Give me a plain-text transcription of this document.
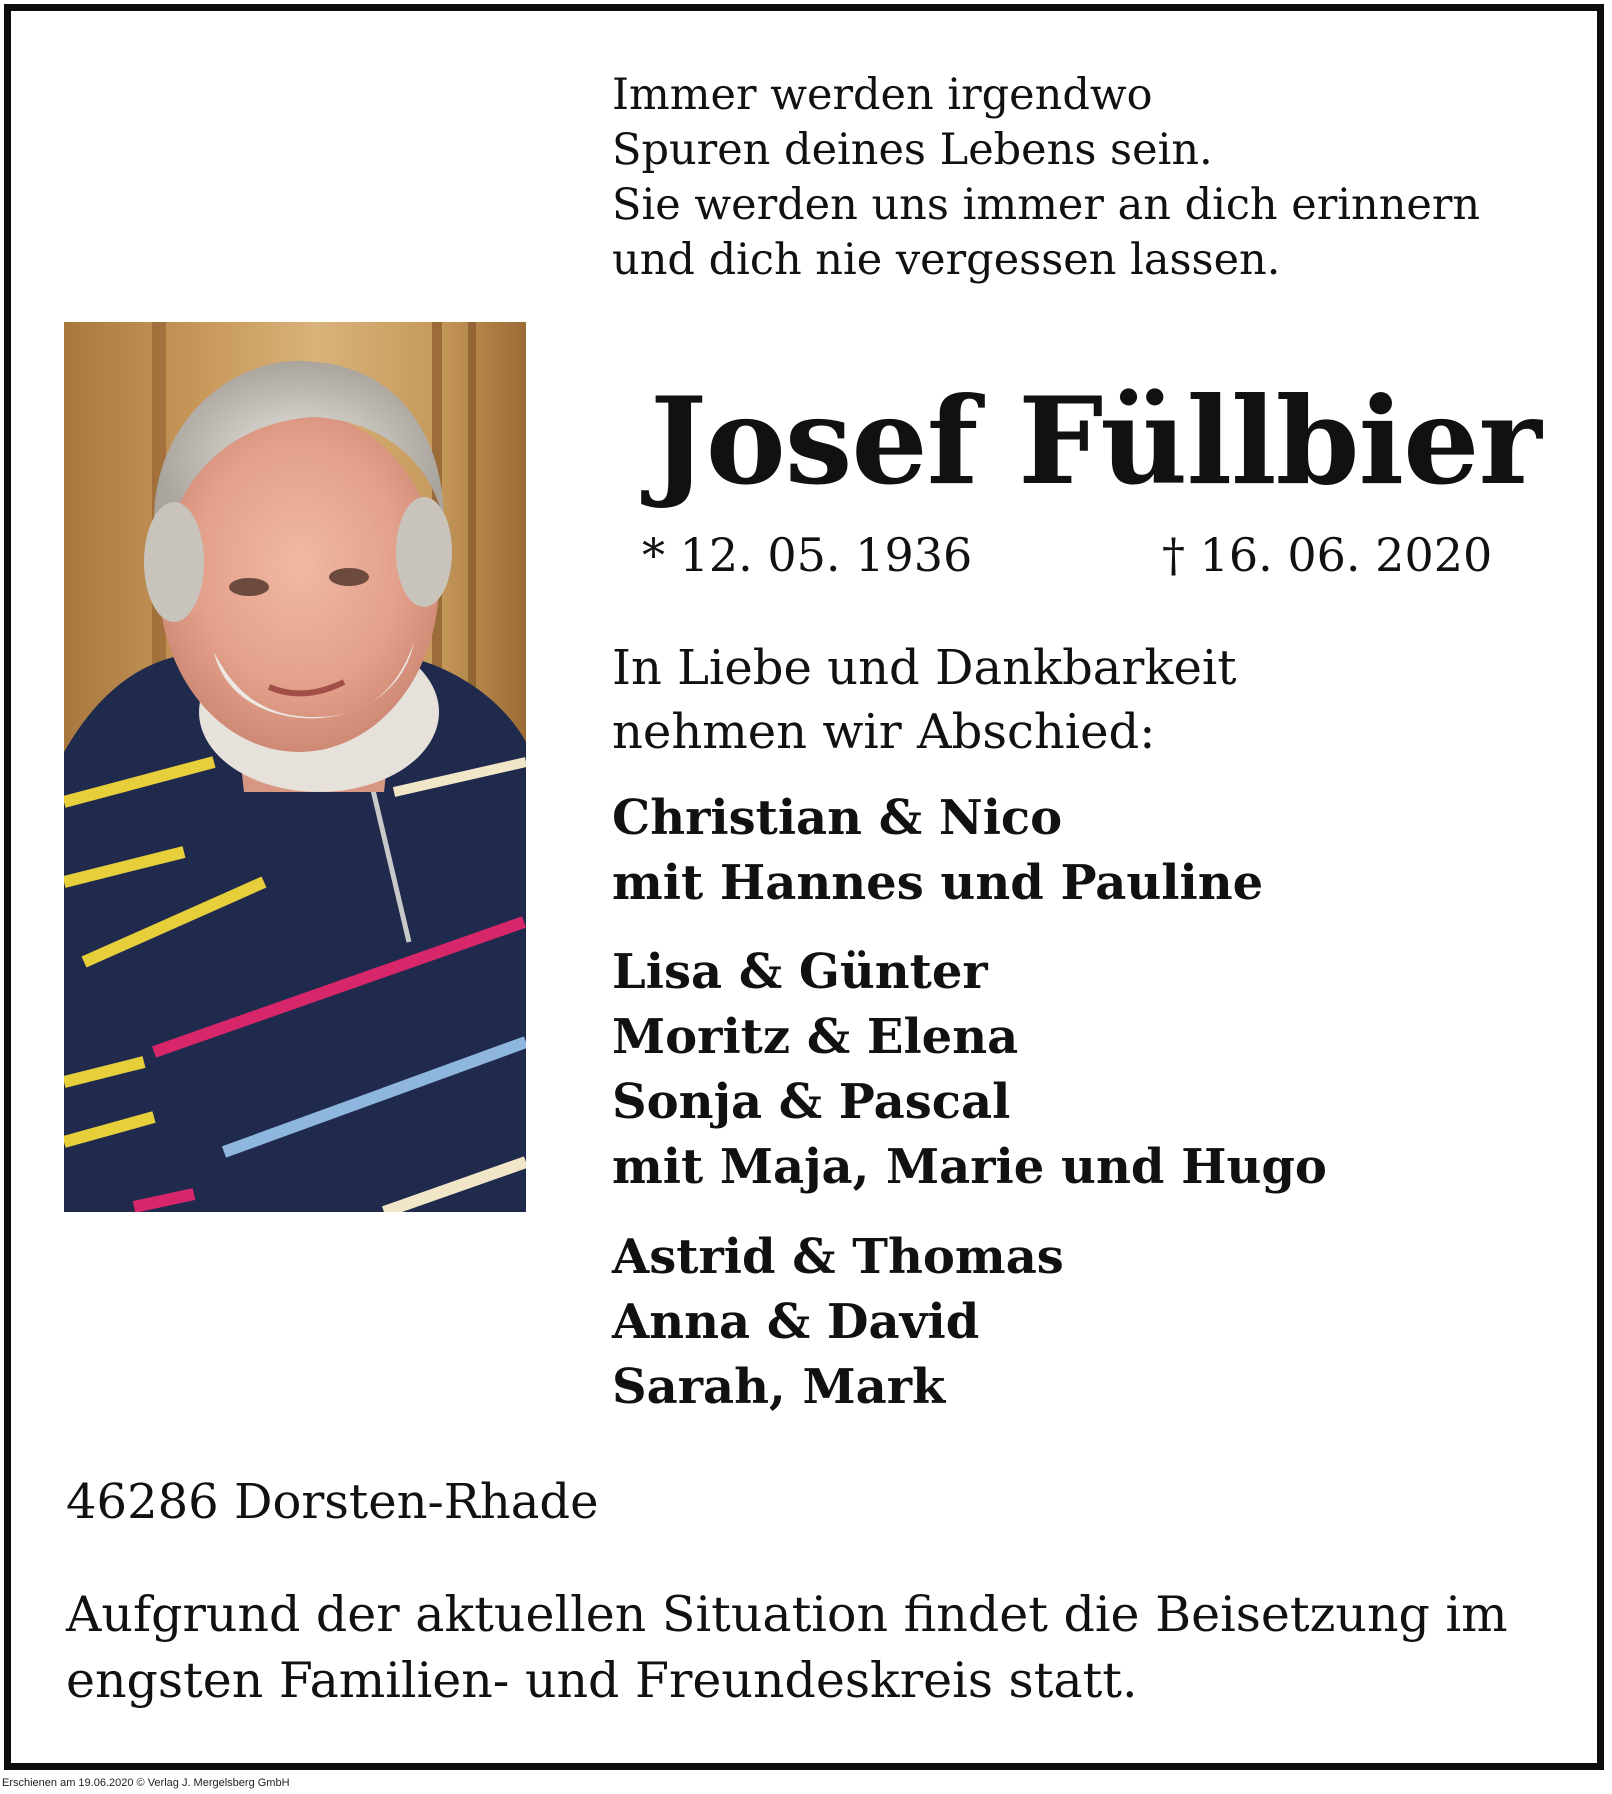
Immer werden irgendwo
Spuren deines Lebens sein.
Sie werden uns immer an dich erinnern
und dich nie vergessen lassen.
Josef Füllbier
* 12. 05. 1936	† 16. 06. 2020
In Liebe und Dankbarkeit
nehmen wir Abschied:
Christian & Nico
mit Hannes und Pauline
Lisa & Günter
Moritz & Elena
Sonja & Pascal
mit Maja, Marie und Hugo
Astrid & Thomas
Anna & David
Sarah, Mark
46286 Dorsten-Rhade
Aufgrund der aktuellen Situation findet die Beisetzung im
engsten Familien- und Freundeskreis statt.
Erschienen am 19.06.2020 © Verlag J. Mergelsberg GmbH
